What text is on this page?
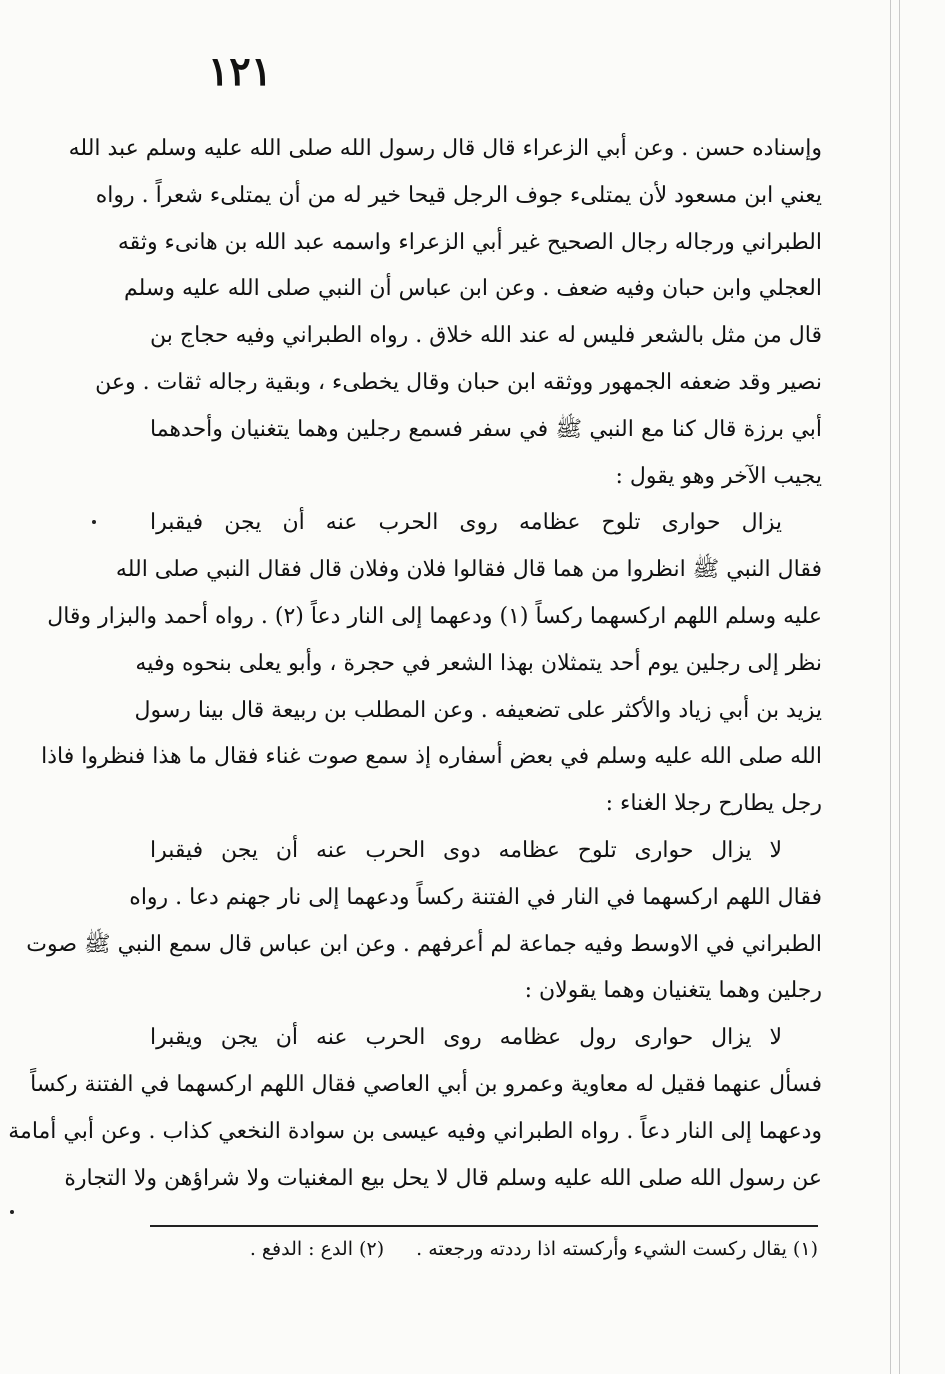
١٢١
وإسناده حسن . وعن أبي الزعراء قال قال رسول الله صلى الله عليه وسلم عبد الله
يعني ابن مسعود لأن يمتلىء جوف الرجل قيحا خير له من أن يمتلىء شعراً . رواه
الطبراني ورجاله رجال الصحيح غير أبي الزعراء واسمه عبد الله بن هانىء وثقه
العجلي وابن حبان وفيه ضعف . وعن ابن عباس أن النبي صلى الله عليه وسلم
قال من مثل بالشعر فليس له عند الله خلاق . رواه الطبراني وفيه حجاج بن
نصير وقد ضعفه الجمهور ووثقه ابن حبان وقال يخطىء ، وبقية رجاله ثقات . وعن
أبي برزة قال كنا مع النبي ﷺ في سفر فسمع رجلين وهما يتغنيان وأحدهما
يجيب الآخر وهو يقول :
يزال حوارى تلوح عظامه روى الحرب عنه أن يجن فيقبرا
فقال النبي ﷺ انظروا من هما قال فقالوا فلان وفلان قال فقال النبي صلى الله
عليه وسلم اللهم اركسهما ركساً (١) ودعهما إلى النار دعاً (٢) . رواه أحمد والبزار وقال
نظر إلى رجلين يوم أحد يتمثلان بهذا الشعر في حجرة ، وأبو يعلى بنحوه وفيه
يزيد بن أبي زياد والأكثر على تضعيفه . وعن المطلب بن ربيعة قال بينا رسول
الله صلى الله عليه وسلم في بعض أسفاره إذ سمع صوت غناء فقال ما هذا فنظروا فاذا
رجل يطارح رجلا الغناء :
لا يزال حوارى تلوح عظامه دوى الحرب عنه أن يجن فيقبرا
فقال اللهم اركسهما في النار في الفتنة ركساً ودعهما إلى نار جهنم دعا . رواه
الطبراني في الاوسط وفيه جماعة لم أعرفهم . وعن ابن عباس قال سمع النبي ﷺ صوت
رجلين وهما يتغنيان وهما يقولان :
لا يزال حوارى رول عظامه روى الحرب عنه أن يجن ويقبرا
فسأل عنهما فقيل له معاوية وعمرو بن أبي العاصي فقال اللهم اركسهما في الفتنة ركساً
ودعهما إلى النار دعاً . رواه الطبراني وفيه عيسى بن سوادة النخعي كذاب . وعن أبي أمامة
عن رسول الله صلى الله عليه وسلم قال لا يحل بيع المغنيات ولا شراؤهن ولا التجارة
(١) يقال ركست الشيء وأركسته اذا رددته ورجعته . (٢) الدع : الدفع .
